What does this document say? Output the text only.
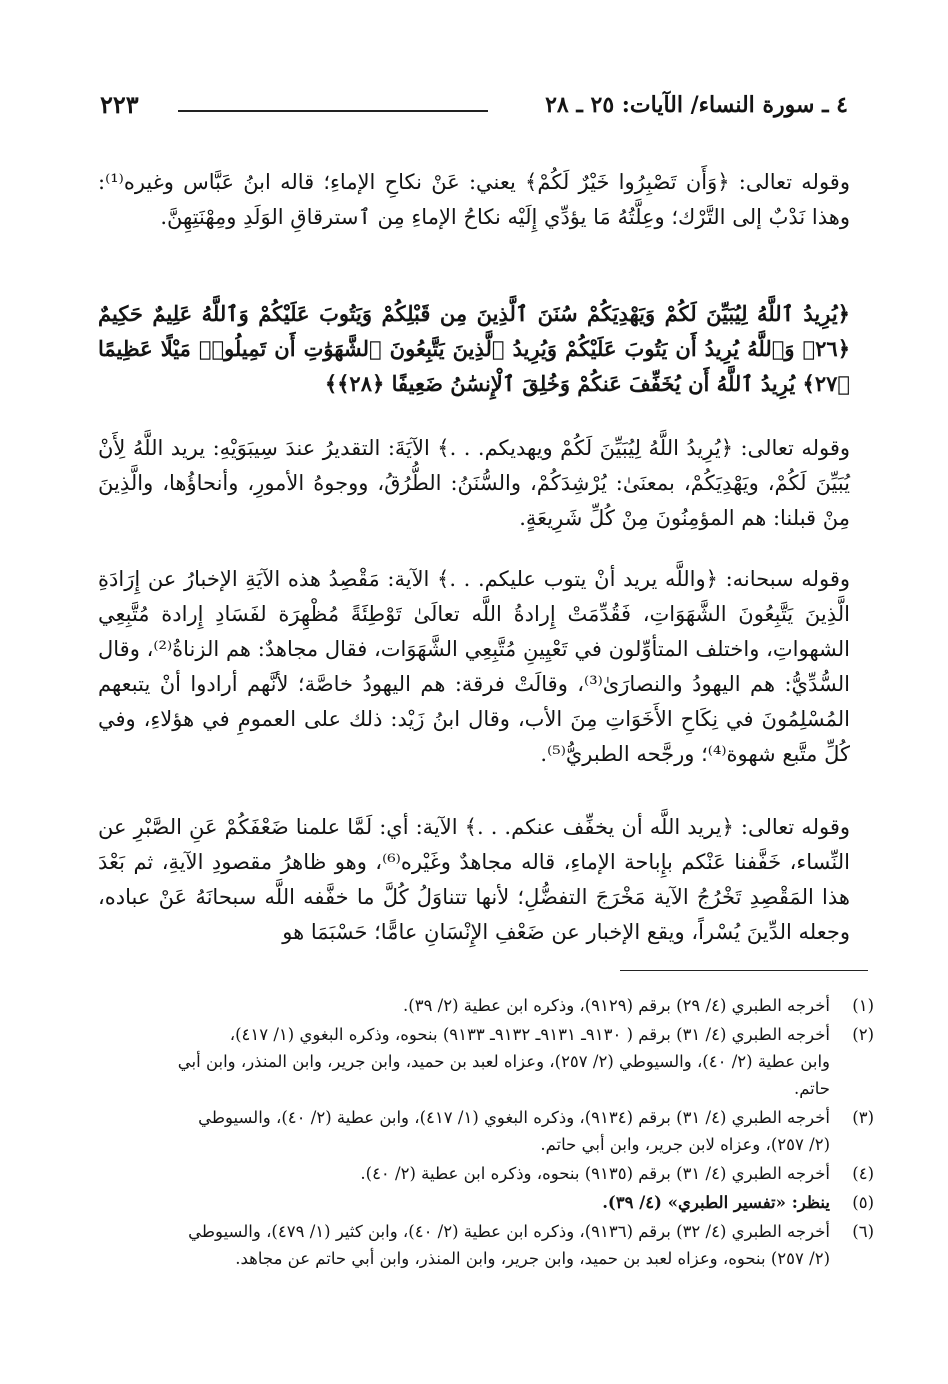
٤ ـ سورة النساء/ الآيات: ٢٥ ـ ٢٨
٢٢٣
وقوله تعالى: ﴿وَأَن تَصْبِرُوا خَيْرٌ لَكُمْ﴾ يعني: عَنْ نكاحِ الإماءِ؛ قاله ابنُ عَبَّاس وغيره⁽¹⁾: وهذا نَدْبٌ إلى التَّرْك؛ وعِلَّتُهُ مَا يؤدِّي إِلَيْه نكاحُ الإماءِ مِن ٱسترقاقِ الوَلَدِ ومِهْنَتِهِنَّ.
﴿يُرِيدُ ٱللَّهُ لِيُبَيِّنَ لَكُمْ وَيَهْدِيَكُمْ سُنَنَ ٱلَّذِينَ مِن قَبْلِكُمْ وَيَتُوبَ عَلَيْكُمْ وَٱللَّهُ عَلِيمٌ حَكِيمٌ ﴿٢٦﴾ وَٱللَّهُ يُرِيدُ أَن يَتُوبَ عَلَيْكُمْ وَيُرِيدُ ٱلَّذِينَ يَتَّبِعُونَ ٱلشَّهَوَٰتِ أَن تَمِيلُوا۟ مَيْلًا عَظِيمًا ﴿٢٧﴾ يُرِيدُ ٱللَّهُ أَن يُخَفِّفَ عَنكُمْ وَخُلِقَ ٱلْإِنسَٰنُ ضَعِيفًا ﴿٢٨﴾﴾
وقوله تعالى: ﴿يُرِيدُ اللَّهُ لِيُبَيِّنَ لَكُمْ ويهديكم. . .﴾ الآيَةَ: التقديرُ عندَ سِيبَوَيْهِ: يريد اللَّهُ لِأَنْ يُبَيِّنَ لَكُمْ، ويَهْدِيَكُمْ، بمعنَىٰ: يُرْشِدَكُمْ، والسُّنَنُ: الطُّرُقُ، ووجوهُ الأمورِ، وأنحاؤُها، والَّذِينَ مِنْ قبلنا: هم المؤمِنُونَ مِنْ كُلِّ شَرِيعَةٍ.
وقوله سبحانه: ﴿واللَّه يريد أنْ يتوب عليكم. . .﴾ الآية: مَقْصِدُ هذه الآيَةِ الإخبارُ عن إِرَادَةِ الَّذِينَ يَتَّبِعُونَ الشَّهَوَاتِ، فَقُدِّمَتْ إِرادةُ اللَّه تعالَىٰ تَوْطِئَةً مُظْهِرَة لفَسَادِ إِرادة مُتَّبِعِي الشهواتِ، واختلف المتأوِّلون في تَعْيِينِ مُتَّبِعِي الشَّهَوَات، فقال مجاهدٌ: هم الزناةُ⁽²⁾، وقال السُّدِّيُّ: هم اليهودُ والنصارَىٰ⁽³⁾، وقالَتْ فرقة: هم اليهودُ خاصَّة؛ لأنَّهم أرادوا أنْ يتبعهم المُسْلِمُونَ في نِكَاحِ الأَخَوَاتِ مِنَ الأب، وقال ابنُ زَيْد: ذلك على العمومِ في هؤلاءِ، وفي كُلِّ متَّبع شهوة⁽⁴⁾؛ ورجَّحه الطبريُّ⁽⁵⁾.
وقوله تعالى: ﴿يريد اللَّه أن يخفِّف عنكم. . .﴾ الآية: أي: لَمَّا علمنا ضَعْفَكُمْ عَنِ الصَّبْرِ عن النِّساء، خَفَّفنا عَنْكم بإِباحة الإماءِ، قاله مجاهدٌ وغَيْره⁽⁶⁾، وهو ظاهرُ مقصودِ الآيةِ، ثم بَعْدَ هذا المَقْصِدِ تَخْرُجُ الآية مَخْرَجَ التفضُّلِ؛ لأنها تتناوَلُ كُلَّ ما خفَّفه اللَّه سبحانَهُ عَنْ عباده، وجعله الدِّينَ يُسْراً، ويقع الإخبار عن ضَعْفِ الإِنْسَانِ عامًّا؛ حَسْبَمَا هو
(١)
أخرجه الطبري (٤/ ٢٩) برقم (٩١٢٩)، وذكره ابن عطية (٢/ ٣٩).
(٢)
أخرجه الطبري (٤/ ٣١) برقم ( ٩١٣٠ـ ٩١٣١ـ ٩١٣٢ـ ٩١٣٣) بنحوه، وذكره البغوي (١/ ٤١٧)،
وابن عطية (٢/ ٤٠)، والسيوطي (٢/ ٢٥٧)، وعزاه لعبد بن حميد، وابن جرير، وابن المنذر، وابن أبي
حاتم.
(٣)
أخرجه الطبري (٤/ ٣١) برقم (٩١٣٤)، وذكره البغوي (١/ ٤١٧)، وابن عطية (٢/ ٤٠)، والسيوطي
(٢/ ٢٥٧)، وعزاه لابن جرير، وابن أبي حاتم.
(٤)
أخرجه الطبري (٤/ ٣١) برقم (٩١٣٥) بنحوه، وذكره ابن عطية (٢/ ٤٠).
(٥)
ينظر: «تفسير الطبري» (٤/ ٣٩).
(٦)
أخرجه الطبري (٤/ ٣٢) برقم (٩١٣٦)، وذكره ابن عطية (٢/ ٤٠)، وابن كثير (١/ ٤٧٩)، والسيوطي
(٢/ ٢٥٧) بنحوه، وعزاه لعبد بن حميد، وابن جرير، وابن المنذر، وابن أبي حاتم عن مجاهد.
